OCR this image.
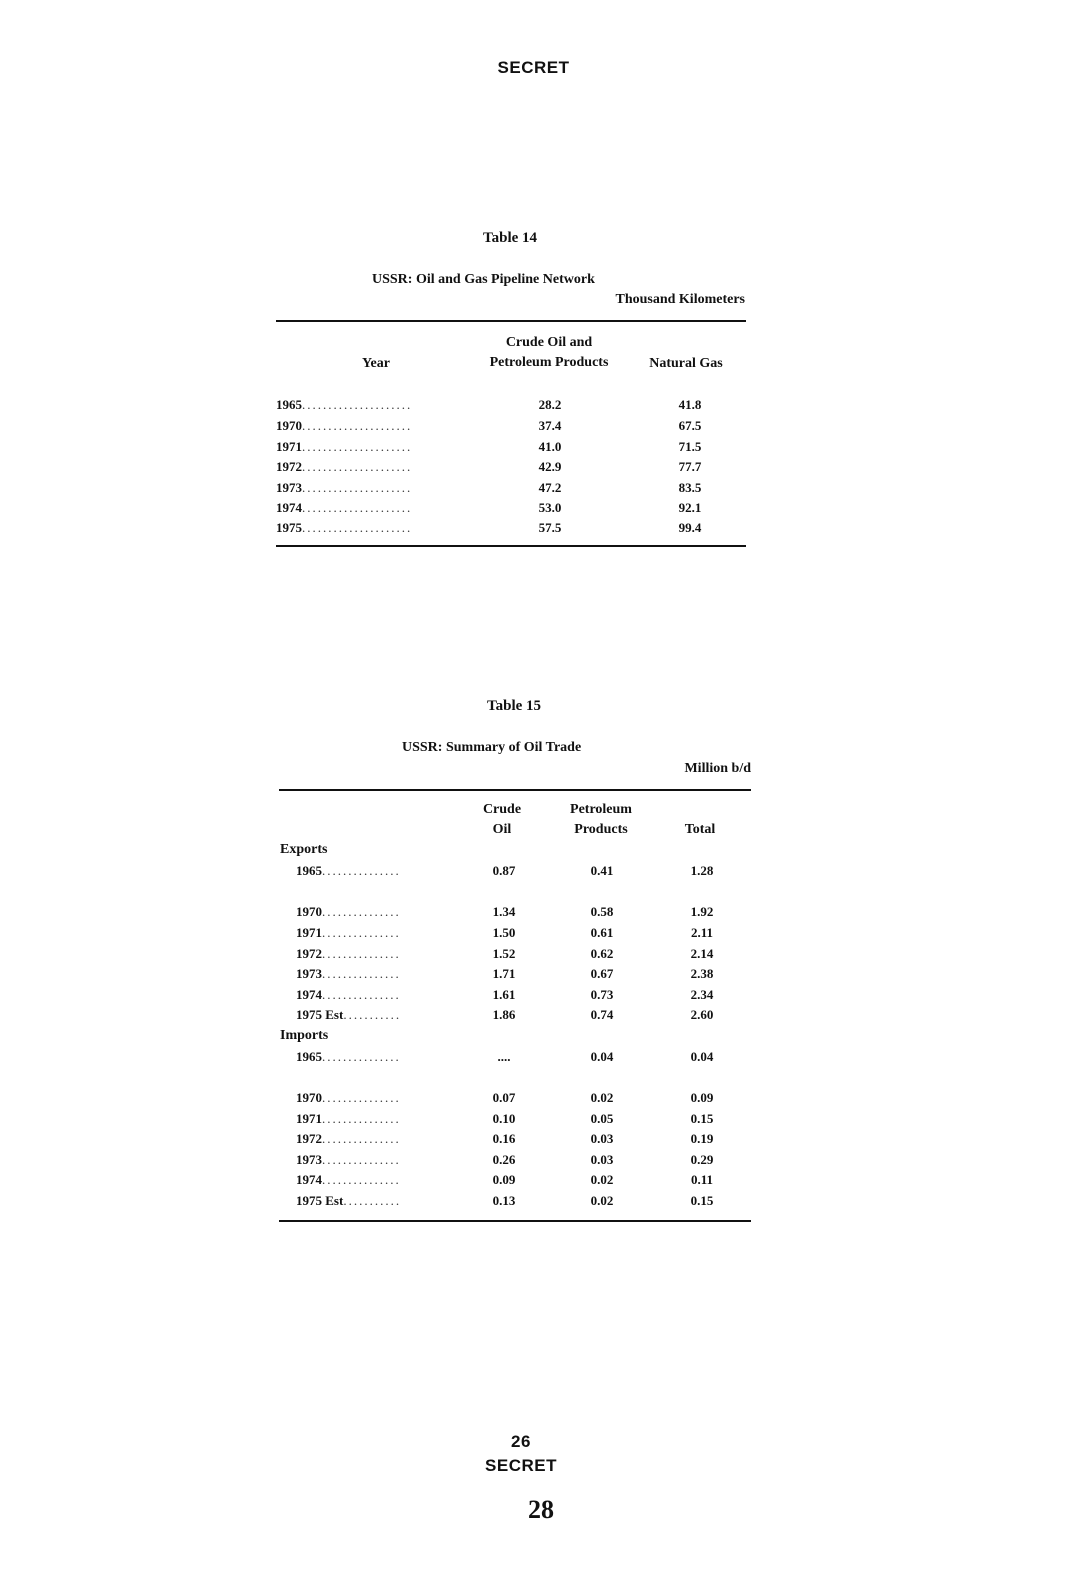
SECRET
Table 14
USSR: Oil and Gas Pipeline Network
Thousand Kilometers
Year
Crude Oil and
Petroleum Products	Natural Gas
1965.....................	28.2	41.8
1970.....................	37.4	67.5
1971.....................	41.0	71.5
1972.....................	42.9	77.7
1973.....................	47.2	83.5
1974.....................	53.0	92.1
1975.....................	57.5	99.4
Table 15
USSR: Summary of Oil Trade
Million b/d
Crude
Oil
Petroleum
Products	Total
Exports
1965...............	0.87	0.41	1.28
1970...............	1.34	0.58	1.92
1971...............	1.50	0.61	2.11
1972...............	1.52	0.62	2.14
1973...............	1.71	0.67	2.38
1974...............	1.61	0.73	2.34
1975 Est...........	1.86	0.74	2.60
Imports
1965...............	....	0.04	0.04
1970...............	0.07	0.02	0.09
1971...............	0.10	0.05	0.15
1972...............	0.16	0.03	0.19
1973...............	0.26	0.03	0.29
1974...............	0.09	0.02	0.11
1975 Est...........	0.13	0.02	0.15
26
SECRET
28
